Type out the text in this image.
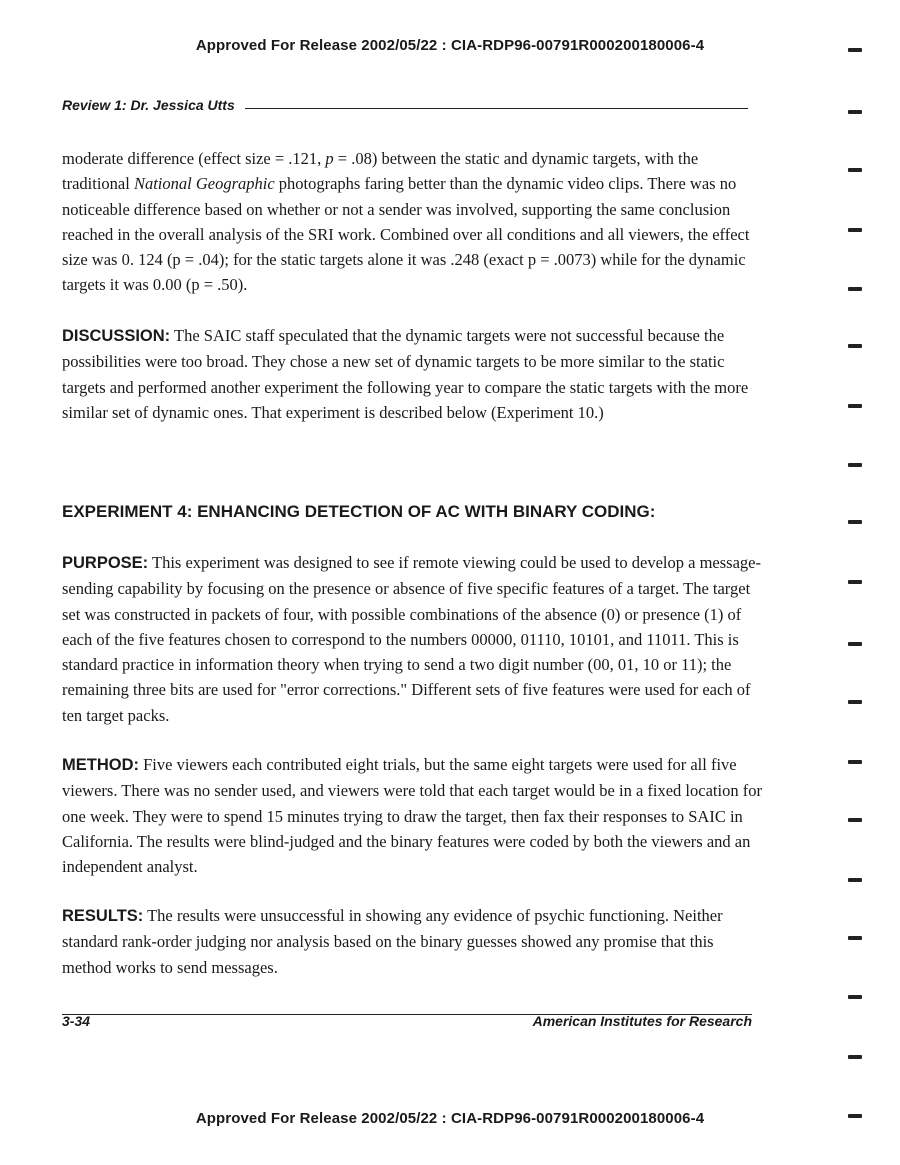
Approved For Release 2002/05/22 : CIA-RDP96-00791R000200180006-4
Review 1: Dr. Jessica Utts
moderate difference (effect size = .121, p = .08) between the static and dynamic targets, with the traditional National Geographic photographs faring better than the dynamic video clips. There was no noticeable difference based on whether or not a sender was involved, supporting the same conclusion reached in the overall analysis of the SRI work. Combined over all conditions and all viewers, the effect size was 0. 124 (p = .04); for the static targets alone it was .248 (exact p = .0073) while for the dynamic targets it was 0.00 (p = .50).
DISCUSSION: The SAIC staff speculated that the dynamic targets were not successful because the possibilities were too broad. They chose a new set of dynamic targets to be more similar to the static targets and performed another experiment the following year to compare the static targets with the more similar set of dynamic ones. That experiment is described below (Experiment 10.)
EXPERIMENT 4: ENHANCING DETECTION OF AC WITH BINARY CODING:
PURPOSE: This experiment was designed to see if remote viewing could be used to develop a message-sending capability by focusing on the presence or absence of five specific features of a target. The target set was constructed in packets of four, with possible combinations of the absence (0) or presence (1) of each of the five features chosen to correspond to the numbers 00000, 01110, 10101, and 11011. This is standard practice in information theory when trying to send a two digit number (00, 01, 10 or 11); the remaining three bits are used for "error corrections." Different sets of five features were used for each of ten target packs.
METHOD: Five viewers each contributed eight trials, but the same eight targets were used for all five viewers. There was no sender used, and viewers were told that each target would be in a fixed location for one week. They were to spend 15 minutes trying to draw the target, then fax their responses to SAIC in California. The results were blind-judged and the binary features were coded by both the viewers and an independent analyst.
RESULTS: The results were unsuccessful in showing any evidence of psychic functioning. Neither standard rank-order judging nor analysis based on the binary guesses showed any promise that this method works to send messages.
3-34	American Institutes for Research
Approved For Release 2002/05/22 : CIA-RDP96-00791R000200180006-4
